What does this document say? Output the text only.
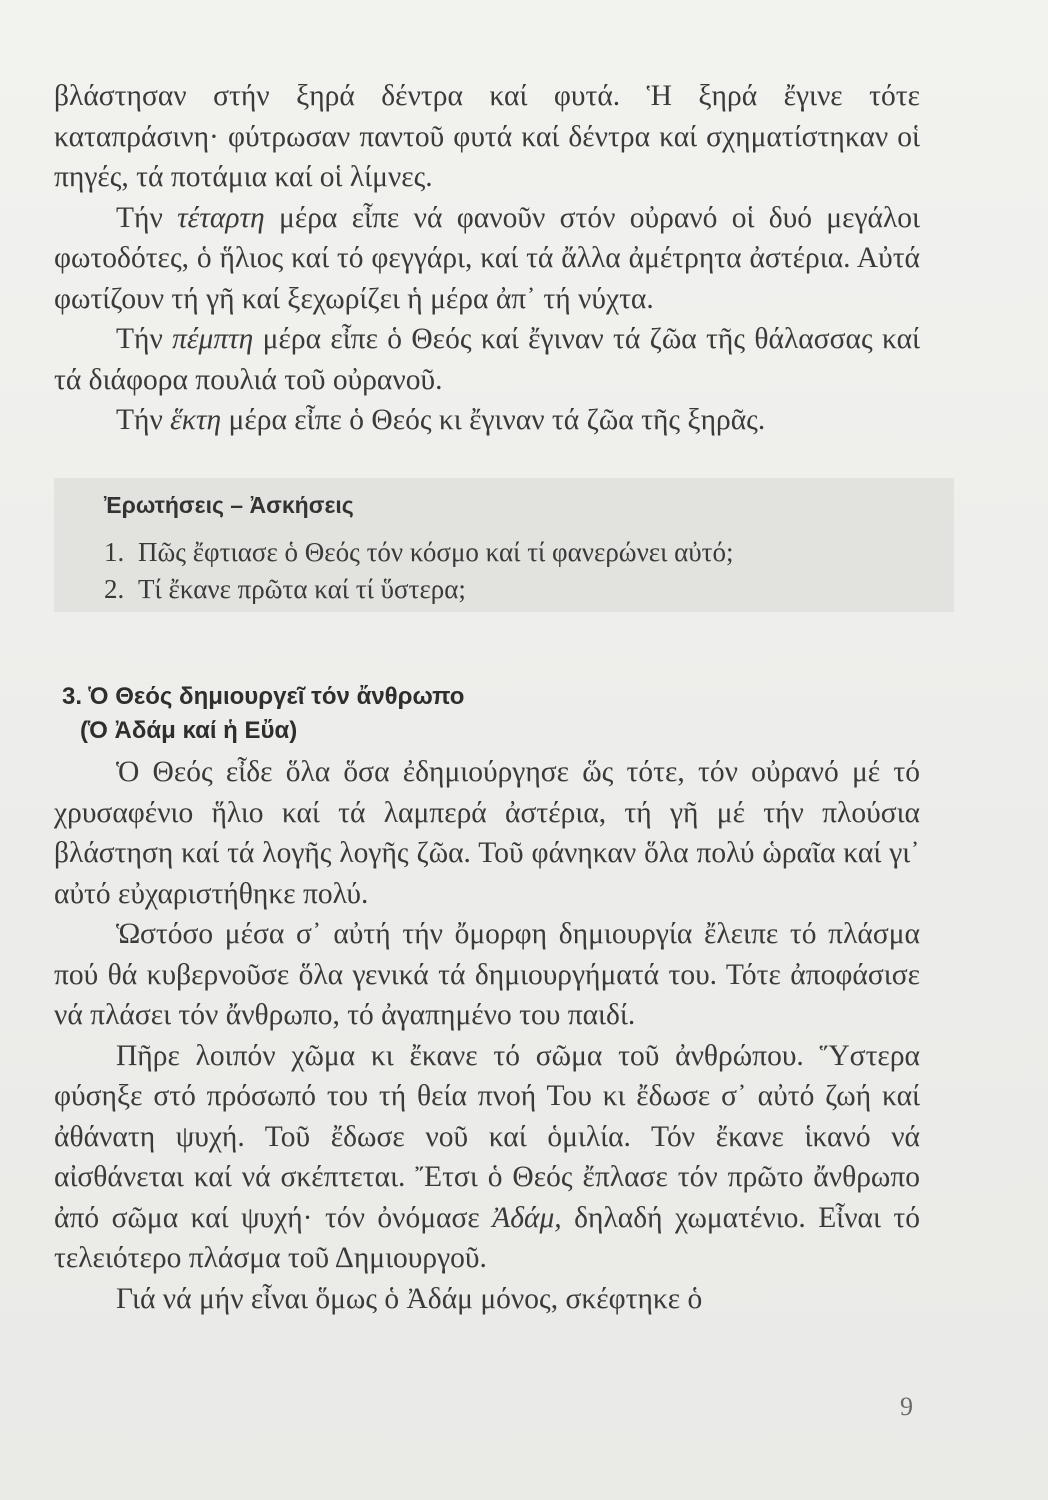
βλάστησαν στήν ξηρά δέντρα καί φυτά. Ἡ ξηρά ἔγινε τότε καταπράσινη· φύτρωσαν παντοῦ φυτά καί δέντρα καί σχηματίστηκαν οἱ πηγές, τά ποτάμια καί οἱ λίμνες.

Τήν τέταρτη μέρα εἶπε νά φανοῦν στόν οὐρανό οἱ δυό μεγάλοι φωτοδότες, ὁ ἥλιος καί τό φεγγάρι, καί τά ἄλλα ἀμέτρητα ἀστέρια. Αὐτά φωτίζουν τή γῆ καί ξεχωρίζει ἡ μέρα ἀπ᾽ τή νύχτα.

Τήν πέμπτη μέρα εἶπε ὁ Θεός καί ἔγιναν τά ζῶα τῆς θάλασσας καί τά διάφορα πουλιά τοῦ οὐρανοῦ.

Τήν ἕκτη μέρα εἶπε ὁ Θεός κι ἔγιναν τά ζῶα τῆς ξηρᾶς.

Ἐρωτήσεις – Ἀσκήσεις
1. Πῶς ἔφτιασε ὁ Θεός τόν κόσμο καί τί φανερώνει αὐτό;
2. Τί ἔκανε πρῶτα καί τί ὕστερα;
3. Ὁ Θεός δημιουργεῖ τόν ἄνθρωπο
(Ὁ Ἀδάμ καί ἡ Εὔα)

Ὁ Θεός εἶδε ὅλα ὅσα ἐδημιούργησε ὥς τότε, τόν οὐρανό μέ τό χρυσαφένιο ἥλιο καί τά λαμπερά ἀστέρια, τή γῆ μέ τήν πλούσια βλάστηση καί τά λογῆς λογῆς ζῶα. Τοῦ φάνηκαν ὅλα πολύ ὡραῖα καί γι᾽ αὐτό εὐχαριστήθηκε πολύ.

Ὡστόσο μέσα σ᾽ αὐτή τήν ὄμορφη δημιουργία ἔλειπε τό πλάσμα πού θά κυβερνοῦσε ὅλα γενικά τά δημιουργήματά του. Τότε ἀποφάσισε νά πλάσει τόν ἄνθρωπο, τό ἀγαπημένο του παιδί.

Πῆρε λοιπόν χῶμα κι ἔκανε τό σῶμα τοῦ ἀνθρώπου. Ὕστερα φύσηξε στό πρόσωπό του τή θεία πνοή Του κι ἔδωσε σ᾽ αὐτό ζωή καί ἀθάνατη ψυχή. Τοῦ ἔδωσε νοῦ καί ὁμιλία. Τόν ἔκανε ἱκανό νά αἰσθάνεται καί νά σκέπτεται. Ἔτσι ὁ Θεός ἔπλασε τόν πρῶτο ἄνθρωπο ἀπό σῶμα καί ψυχή· τόν ὀνόμασε Ἀδάμ, δηλαδή χωματένιο. Εἶναι τό τελειότερο πλάσμα τοῦ Δημιουργοῦ.

Γιά νά μήν εἶναι ὅμως ὁ Ἀδάμ μόνος, σκέφτηκε ὁ

9
